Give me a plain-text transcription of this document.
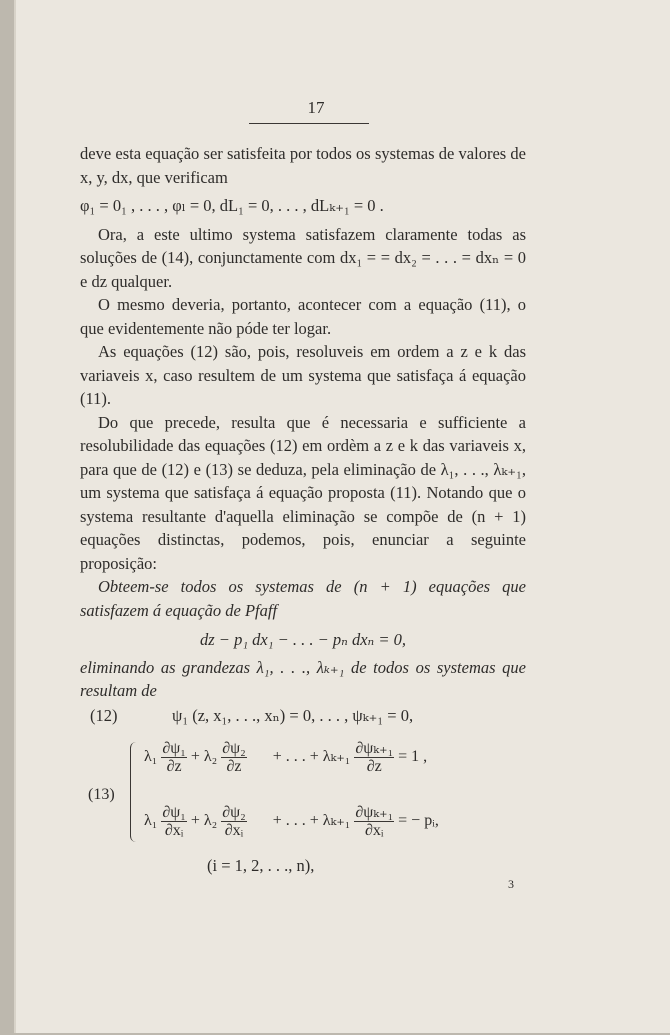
17

deve esta equação ser satisfeita por todos os systemas de valores de x, y, dx, que verificam

φ₁ = 0₁ , . . . , φₗ = 0, dL₁ = 0, . . . , dLₖ₊₁ = 0 .

Ora, a este ultimo systema satisfazem claramente todas as soluções de (14), conjunctamente com dx₁ = = dx₂ = . . . = dxₙ = 0 e dz qualquer.

O mesmo deveria, portanto, acontecer com a equação (11), o que evidentemente não póde ter logar.

As equações (12) são, pois, resoluveis em ordem a z e k das variaveis x, caso resultem de um systema que satisfaça á equação (11).

Do que precede, resulta que é necessaria e sufficiente a resolubilidade das equações (12) em ordèm a z e k das variaveis x, para que de (12) e (13) se deduza, pela eliminação de λ₁, . . ., λₖ₊₁, um systema que satisfaça á equação proposta (11). Notando que o systema resultante d'aquella eliminação se compõe de (n + 1) equações distinctas, podemos, pois, enunciar a seguinte proposição:

Obteem-se todos os systemas de (n + 1) equações que satisfazem á equação de Pfaff

dz − p₁ dx₁ − . . . − pₙ dxₙ = 0,

eliminando as grandezas λ₁, . . ., λₖ₊₁ de todos os systemas que resultam de

(12)	ψ₁ (z, x₁, . . ., xₙ) = 0, . . . , ψₖ₊₁ = 0,
(13)
$\lambda_1 \frac{\text{∂ψ₁}}{\partial z} + \lambda_2 \frac{\text{∂ψ₂}}{\partial z}$ + . . . + $\lambda_{k+1} \frac{\text{∂ψₖ₊₁}}{\partial z} = 1$ ,
$\lambda_1 \frac{\text{∂ψ₁}}{\text{∂xᵢ}} + \lambda_2 \frac{\text{∂ψ₂}}{\text{∂xᵢ}}$ + . . . + $\lambda_{k+1} \frac{\text{∂ψₖ₊₁}}{\text{∂xᵢ}}$ = − pᵢ,
(i = 1, 2, . . ., n),
3
